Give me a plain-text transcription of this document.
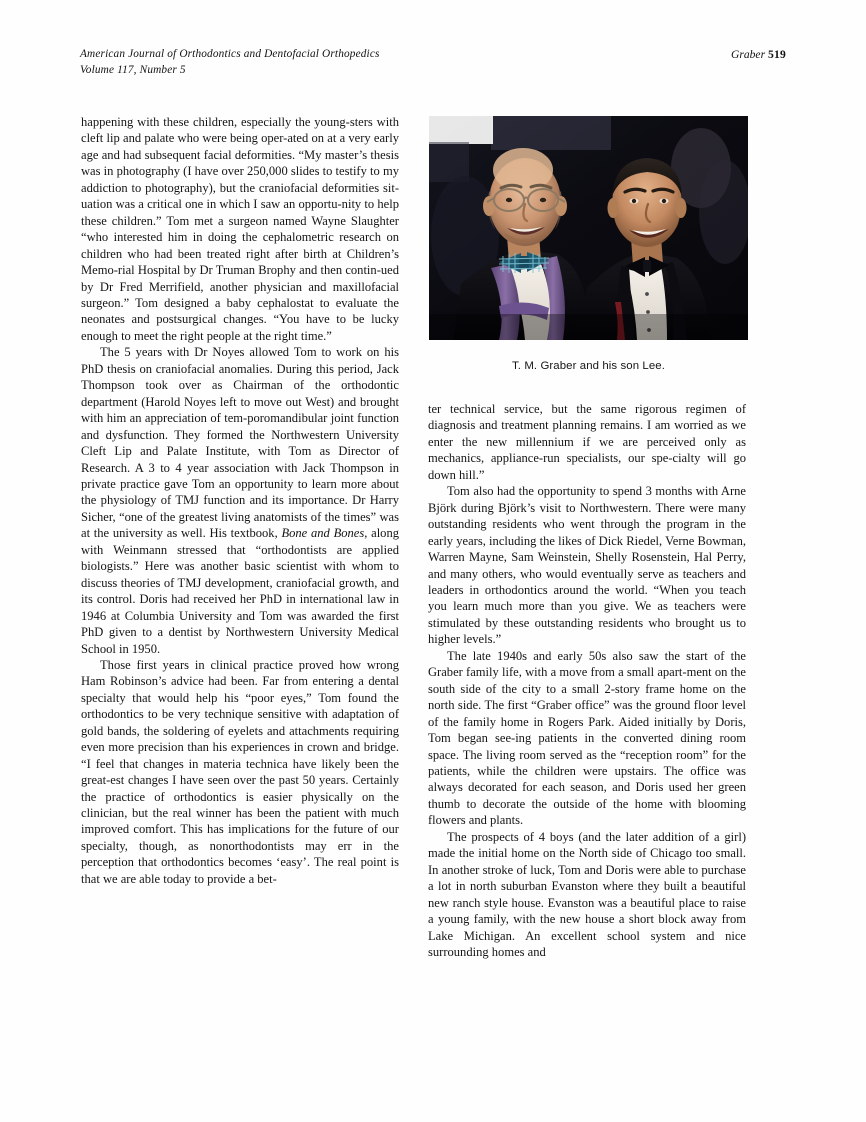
American Journal of Orthodontics and Dentofacial Orthopedics
Volume 117, Number 5
Graber 519
T. M. Graber and his son Lee.

happening with these children, especially the young-sters with cleft lip and palate who were being oper-ated on at a very early age and had subsequent facial deformities. “My master’s thesis was in photography (I have over 250,000 slides to testify to my addiction to photography), but the craniofacial deformities sit-uation was a critical one in which I saw an opportu-nity to help these children.” Tom met a surgeon named Wayne Slaughter “who interested him in doing the cephalometric research on children who had been treated right after birth at Children’s Memo-rial Hospital by Dr Truman Brophy and then contin-ued by Dr Fred Merrifield, another physician and maxillofacial surgeon.” Tom designed a baby cephalostat to evaluate the neonates and postsurgical changes. “You have to be lucky enough to meet the right people at the right time.”

The 5 years with Dr Noyes allowed Tom to work on his PhD thesis on craniofacial anomalies. During this period, Jack Thompson took over as Chairman of the orthodontic department (Harold Noyes left to move out West) and brought with him an appreciation of tem-poromandibular joint function and dysfunction. They formed the Northwestern University Cleft Lip and Palate Institute, with Tom as Director of Research. A 3 to 4 year association with Jack Thompson in private practice gave Tom an opportunity to learn more about the physiology of TMJ function and its importance. Dr Harry Sicher, “one of the greatest living anatomists of the times” was at the university as well. His textbook, Bone and Bones, along with Weinmann stressed that “orthodontists are applied biologists.” Here was another basic scientist with whom to discuss theories of TMJ development, craniofacial growth, and its control. Doris had received her PhD in international law in 1946 at Columbia University and Tom was awarded the first PhD given to a dentist by Northwestern University Medical School in 1950.

Those first years in clinical practice proved how wrong Ham Robinson’s advice had been. Far from entering a dental specialty that would help his “poor eyes,” Tom found the orthodontics to be very technique sensitive with adaptation of gold bands, the soldering of eyelets and attachments requiring even more precision than his experiences in crown and bridge. “I feel that changes in materia technica have likely been the great-est changes I have seen over the past 50 years. Certainly the practice of orthodontics is easier physically on the clinician, but the real winner has been the patient with much improved comfort. This has implications for the future of our specialty, though, as nonorthodontists may err in the perception that orthodontics becomes ‘easy’. The real point is that we are able today to provide a bet-

ter technical service, but the same rigorous regimen of diagnosis and treatment planning remains. I am worried as we enter the new millennium if we are perceived only as mechanics, appliance-run specialists, our spe-cialty will go down hill.”

Tom also had the opportunity to spend 3 months with Arne Björk during Björk’s visit to Northwestern. There were many outstanding residents who went through the program in the early years, including the likes of Dick Riedel, Verne Bowman, Warren Mayne, Sam Weinstein, Shelly Rosenstein, Hal Perry, and many others, who would eventually serve as teachers and leaders in orthodontics around the world. “When you teach you learn much more than you give. We as teachers were stimulated by these outstanding residents who brought us to higher levels.”

The late 1940s and early 50s also saw the start of the Graber family life, with a move from a small apart-ment on the south side of the city to a small 2-story frame home on the north side. The first “Graber office” was the ground floor level of the family home in Rogers Park. Aided initially by Doris, Tom began see-ing patients in the converted dining room space. The living room served as the “reception room” for the patients, while the children were upstairs. The office was always decorated for each season, and Doris used her green thumb to decorate the outside of the home with blooming flowers and plants.

The prospects of 4 boys (and the later addition of a girl) made the initial home on the North side of Chicago too small. In another stroke of luck, Tom and Doris were able to purchase a lot in north suburban Evanston where they built a beautiful new ranch style house. Evanston was a beautiful place to raise a young family, with the new house a short block away from Lake Michigan. An excellent school system and nice surrounding homes and
